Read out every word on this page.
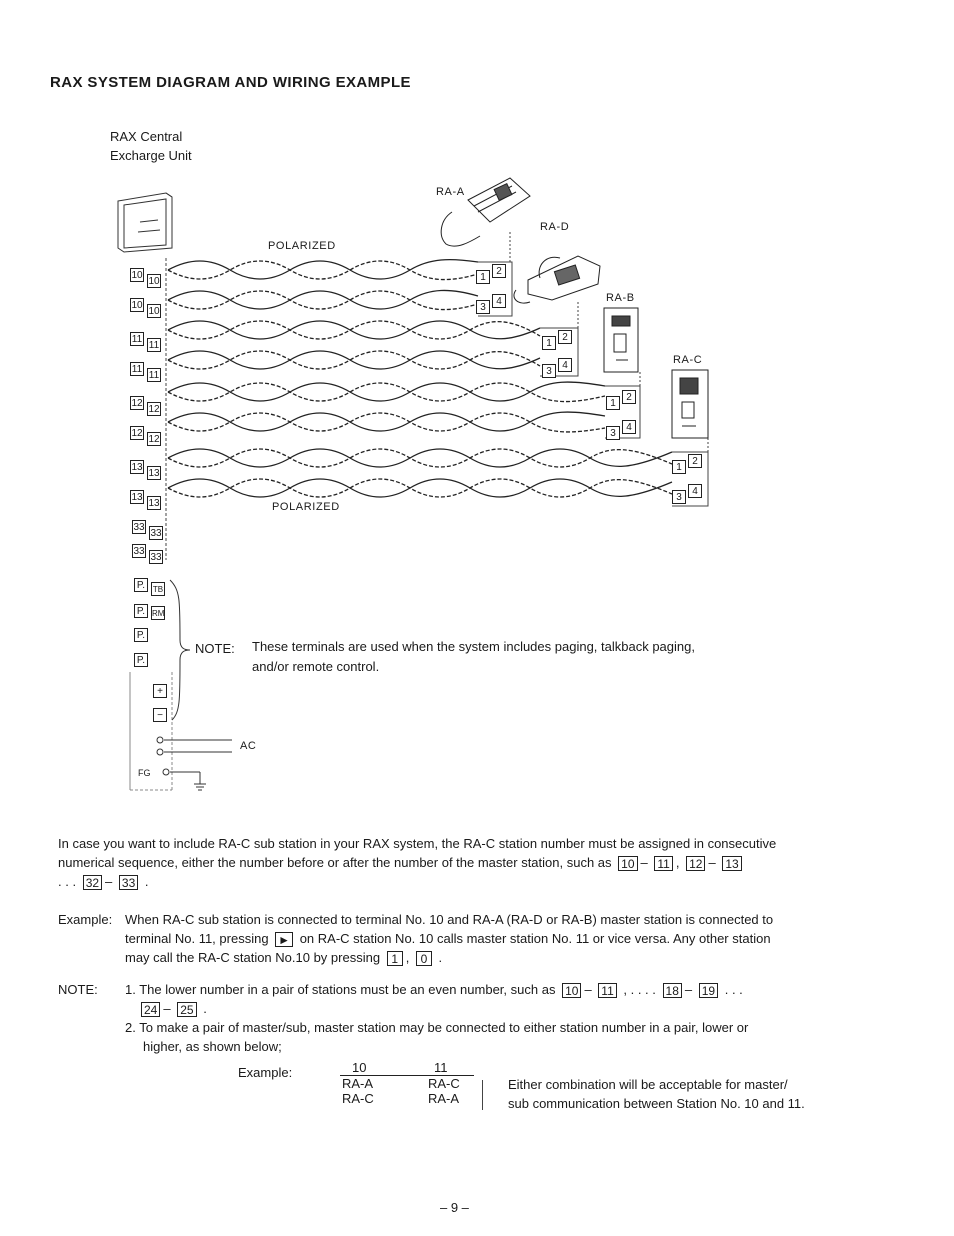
RAX SYSTEM DIAGRAM AND WIRING EXAMPLE
RAX Central
Excharge Unit
POLARIZED
POLARIZED
RA-A
RA-D
RA-B
RA-C
AC
FG
10
10
10
10
11
11
11
11
12
12
12
12
13
13
13
13
33
33
33
33
1
2
3
4
1
2
3
4
1
2
3
4
1
2
3
4
P. TB
P. RM
P.
P.
+
−
NOTE: These terminals are used when the system includes paging, talkback paging,
and/or remote control.
In case you want to include RA-C sub station in your RAX system, the RA-C station number must be assigned in consecutive
numerical sequence, either the number before or after the number of the master station, such as 10 – 11 , 12 – 13
. . . 32 – 33 .
Example: When RA-C sub station is connected to terminal No. 10 and RA-A (RA-D or RA-B) master station is connected to
terminal No. 11, pressing ► on RA-C station No. 10 calls master station No. 11 or vice versa. Any other station
may call the RA-C station No.10 by pressing 1 , 0 .
NOTE:	1. The lower number in a pair of stations must be an even number, such as 10 – 11 , . . . . 18 – 19 . . .
24 – 25 .
2. To make a pair of master/sub, master station may be connected to either station number in a pair, lower or
higher, as shown below;
Example:	10	11
RA-A	RA-C
RA-C	RA-A
Either combination will be acceptable for master/
sub communication between Station No. 10 and 11.
– 9 –
